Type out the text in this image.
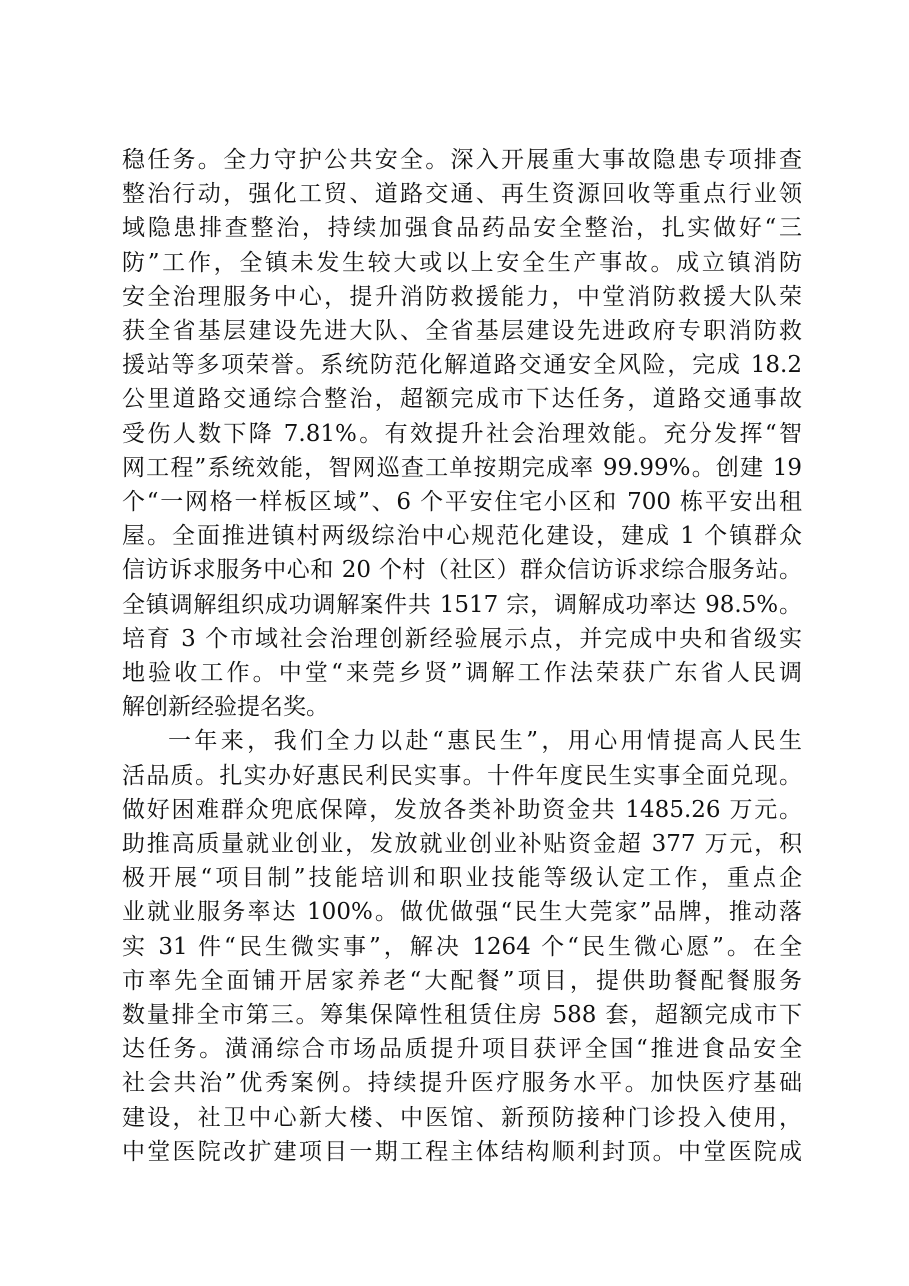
稳任务。全力守护公共安全。深入开展重大事故隐患专项排查
整治行动，强化工贸、道路交通、再生资源回收等重点行业领
域隐患排查整治，持续加强食品药品安全整治，扎实做好“三
防”工作，全镇未发生较大或以上安全生产事故。成立镇消防
安全治理服务中心，提升消防救援能力，中堂消防救援大队荣
获全省基层建设先进大队、全省基层建设先进政府专职消防救
援站等多项荣誉。系统防范化解道路交通安全风险，完成 18.2
公里道路交通综合整治，超额完成市下达任务，道路交通事故
受伤人数下降 7.81%。有效提升社会治理效能。充分发挥“智
网工程”系统效能，智网巡查工单按期完成率 99.99%。创建 19
个“一网格一样板区域”、6 个平安住宅小区和 700 栋平安出租
屋。全面推进镇村两级综治中心规范化建设，建成 1 个镇群众
信访诉求服务中心和 20 个村（社区）群众信访诉求综合服务站。
全镇调解组织成功调解案件共 1517 宗，调解成功率达 98.5%。
培育 3 个市域社会治理创新经验展示点，并完成中央和省级实
地验收工作。中堂“来莞乡贤”调解工作法荣获广东省人民调
解创新经验提名奖。
一年来，我们全力以赴“惠民生”，用心用情提高人民生
活品质。扎实办好惠民利民实事。十件年度民生实事全面兑现。
做好困难群众兜底保障，发放各类补助资金共 1485.26 万元。
助推高质量就业创业，发放就业创业补贴资金超 377 万元，积
极开展“项目制”技能培训和职业技能等级认定工作，重点企
业就业服务率达 100%。做优做强“民生大莞家”品牌，推动落
实 31 件“民生微实事”，解决 1264 个“民生微心愿”。在全
市率先全面铺开居家养老“大配餐”项目，提供助餐配餐服务
数量排全市第三。筹集保障性租赁住房 588 套，超额完成市下
达任务。潢涌综合市场品质提升项目获评全国“推进食品安全
社会共治”优秀案例。持续提升医疗服务水平。加快医疗基础
建设，社卫中心新大楼、中医馆、新预防接种门诊投入使用，
中堂医院改扩建项目一期工程主体结构顺利封顶。中堂医院成
